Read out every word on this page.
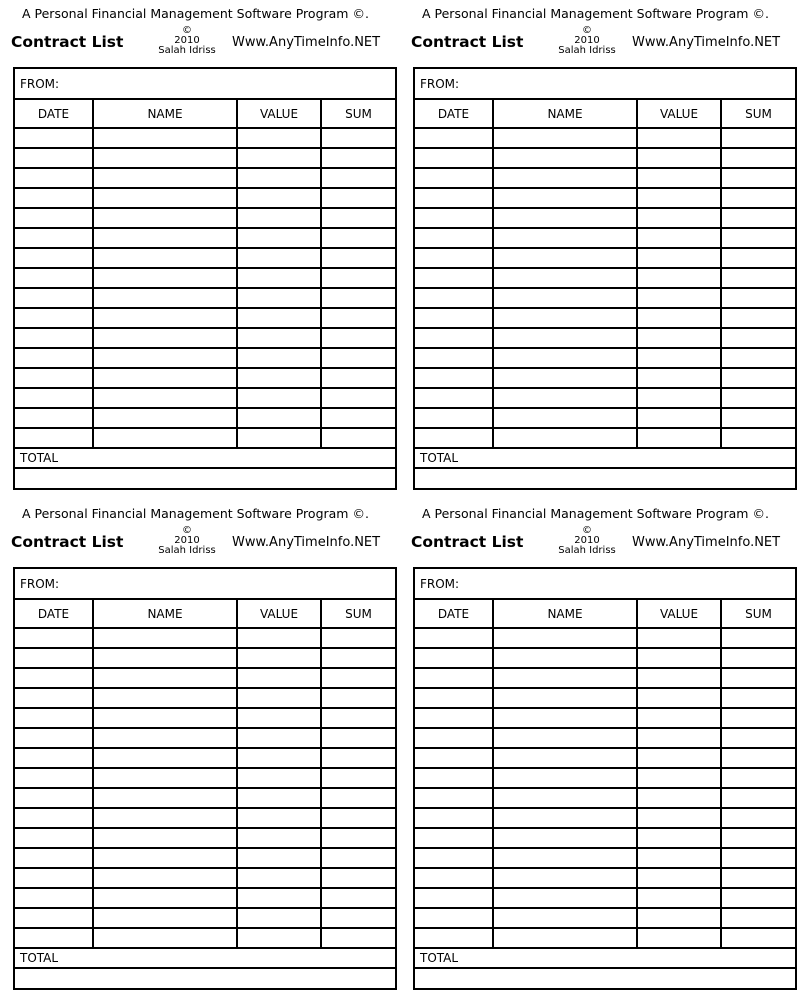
A Personal Financial Management Software Program ©.
Contract List
©
2010
Salah Idriss
Www.AnyTimeInfo.NET
FROM:			
DATE	NAME	VALUE	SUM

TOTAL			

A Personal Financial Management Software Program ©.
Contract List
©
2010
Salah Idriss
Www.AnyTimeInfo.NET
FROM:			
DATE	NAME	VALUE	SUM

TOTAL			

A Personal Financial Management Software Program ©.
Contract List
©
2010
Salah Idriss
Www.AnyTimeInfo.NET
FROM:			
DATE	NAME	VALUE	SUM

TOTAL			

A Personal Financial Management Software Program ©.
Contract List
©
2010
Salah Idriss
Www.AnyTimeInfo.NET
FROM:			
DATE	NAME	VALUE	SUM

TOTAL			
